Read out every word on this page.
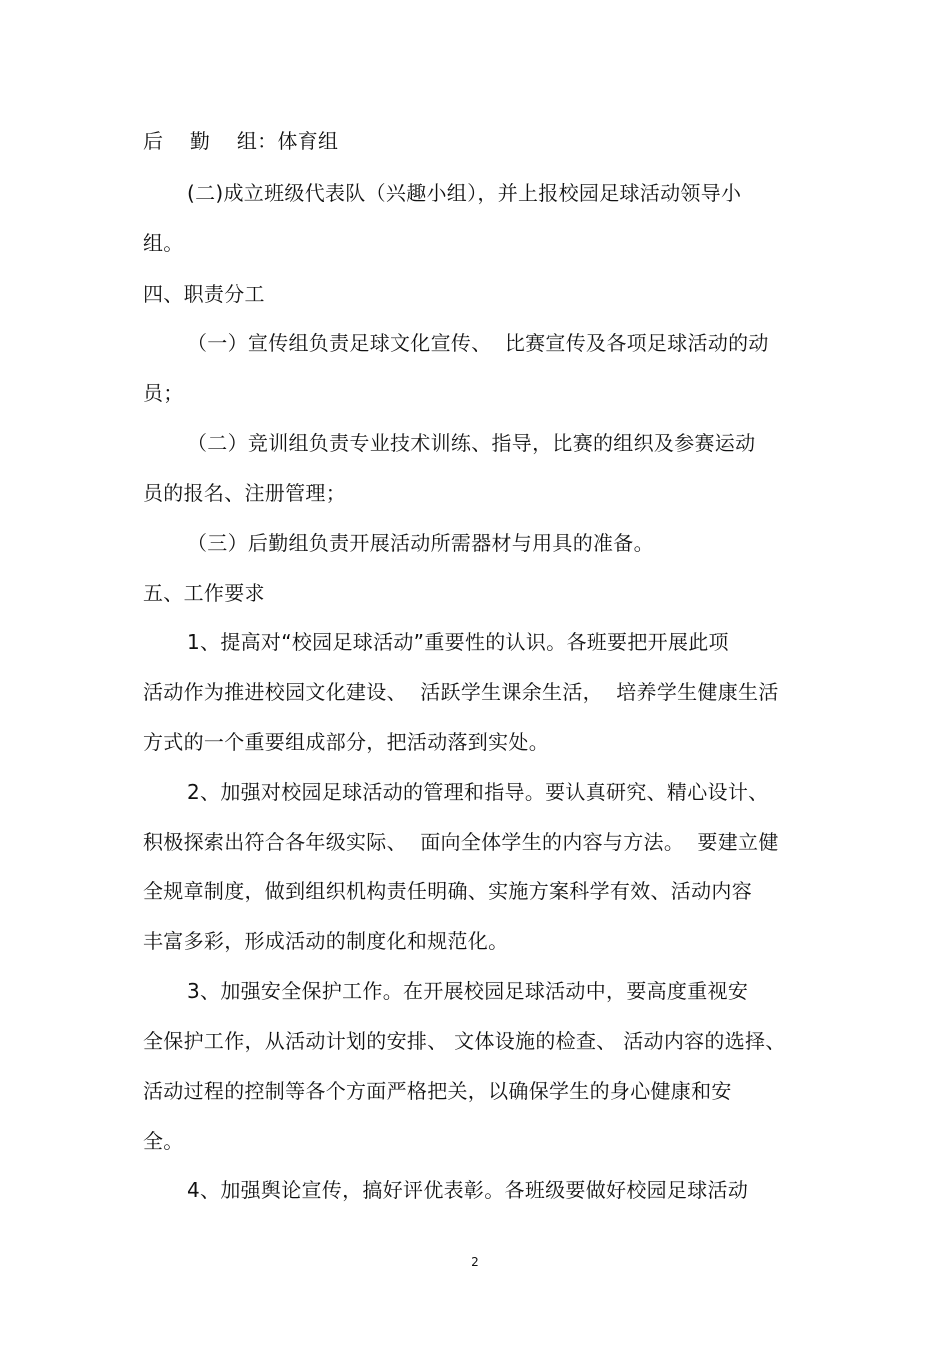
后    勤    组：体育组
(二)成立班级代表队（兴趣小组），并上报校园足球活动领导小
组。
四、职责分工
（一）宣传组负责足球文化宣传、  比赛宣传及各项足球活动的动
员；
（二）竞训组负责专业技术训练、指导，比赛的组织及参赛运动
员的报名、注册管理；
（三）后勤组负责开展活动所需器材与用具的准备。
五、工作要求
1、提高对“校园足球活动”重要性的认识。各班要把开展此项
活动作为推进校园文化建设、  活跃学生课余生活，  培养学生健康生活
方式的一个重要组成部分，把活动落到实处。
2、加强对校园足球活动的管理和指导。要认真研究、精心设计、
积极探索出符合各年级实际、  面向全体学生的内容与方法。  要建立健
全规章制度，做到组织机构责任明确、实施方案科学有效、活动内容
丰富多彩，形成活动的制度化和规范化。
3、加强安全保护工作。在开展校园足球活动中，要高度重视安
全保护工作，从活动计划的安排、 文体设施的检查、 活动内容的选择、
活动过程的控制等各个方面严格把关，以确保学生的身心健康和安
全。
4、加强舆论宣传，搞好评优表彰。各班级要做好校园足球活动
2
